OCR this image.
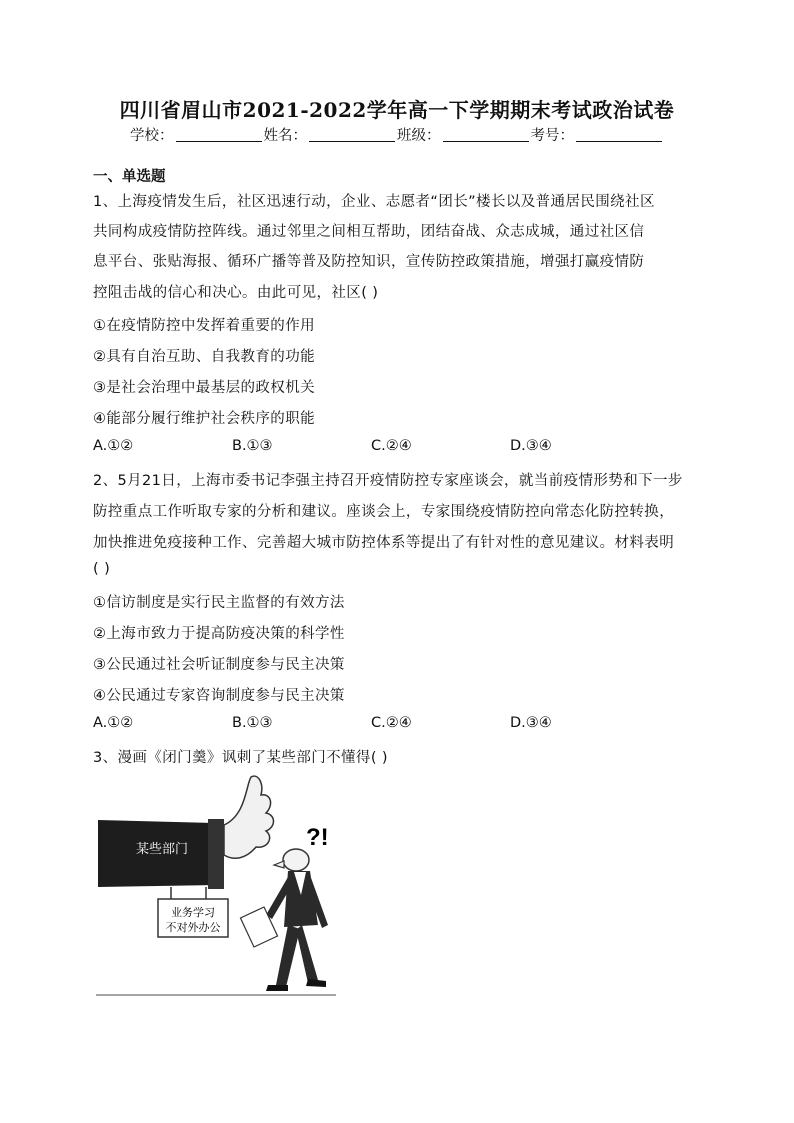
四川省眉山市2021-2022学年高一下学期期末考试政治试卷
学校：	姓名：	班级：	考号：
一、单选题
1、上海疫情发生后，社区迅速行动，企业、志愿者“团长”楼长以及普通居民围绕社区
共同构成疫情防控阵线。通过邻里之间相互帮助，团结奋战、众志成城，通过社区信
息平台、张贴海报、循环广播等普及防控知识，宣传防控政策措施，增强打赢疫情防
控阻击战的信心和决心。由此可见，社区( )
①在疫情防控中发挥着重要的作用
②具有自治互助、自我教育的功能
③是社会治理中最基层的政权机关
④能部分履行维护社会秩序的职能
A.①②	B.①③	C.②④	D.③④
2、5月21日，上海市委书记李强主持召开疫情防控专家座谈会，就当前疫情形势和下一步
防控重点工作听取专家的分析和建议。座谈会上，专家围绕疫情防控向常态化防控转换，
加快推进免疫接种工作、完善超大城市防控体系等提出了有针对性的意见建议。材料表明
( )
①信访制度是实行民主监督的有效方法
②上海市致力于提高防疫决策的科学性
③公民通过社会听证制度参与民主决策
④公民通过专家咨询制度参与民主决策
A.①②	B.①③	C.②④	D.③④
3、漫画《闭门羹》讽刺了某些部门不懂得( )
某些部门
业务学习
不对外办公
?!
